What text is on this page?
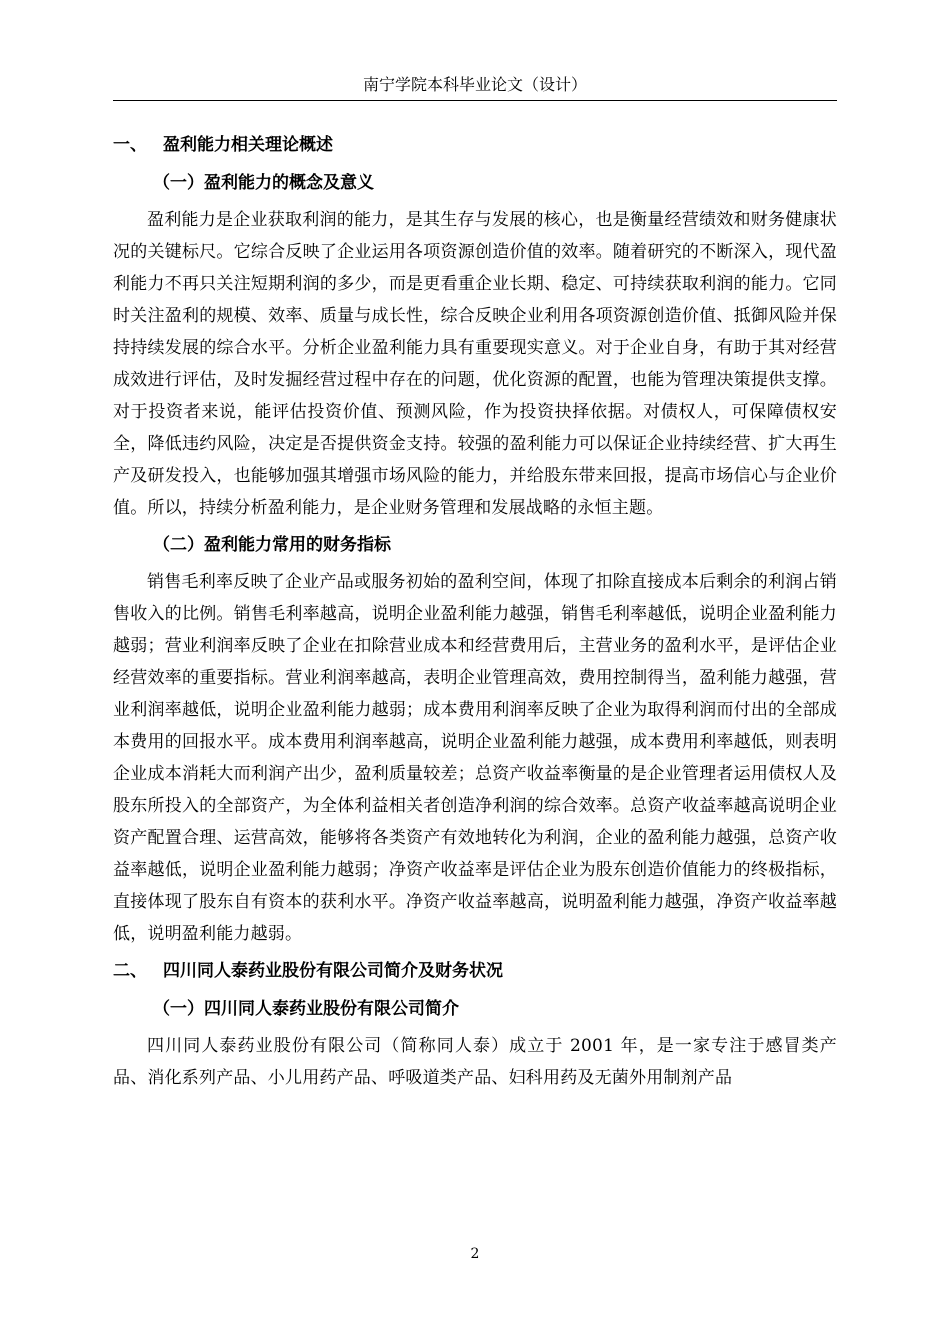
南宁学院本科毕业论文（设计）
一、 盈利能力相关理论概述
（一）盈利能力的概念及意义

盈利能力是企业获取利润的能力，是其生存与发展的核心，也是衡量经营绩效和财务健康状况的关键标尺。它综合反映了企业运用各项资源创造价值的效率。随着研究的不断深入，现代盈利能力不再只关注短期利润的多少，而是更看重企业长期、稳定、可持续获取利润的能力。它同时关注盈利的规模、效率、质量与成长性，综合反映企业利用各项资源创造价值、抵御风险并保持持续发展的综合水平。分析企业盈利能力具有重要现实意义。对于企业自身，有助于其对经营成效进行评估，及时发掘经营过程中存在的问题，优化资源的配置，也能为管理决策提供支撑。对于投资者来说，能评估投资价值、预测风险，作为投资抉择依据。对债权人，可保障债权安全，降低违约风险，决定是否提供资金支持。较强的盈利能力可以保证企业持续经营、扩大再生产及研发投入，也能够加强其增强市场风险的能力，并给股东带来回报，提高市场信心与企业价值。所以，持续分析盈利能力，是企业财务管理和发展战略的永恒主题。

（二）盈利能力常用的财务指标

销售毛利率反映了企业产品或服务初始的盈利空间，体现了扣除直接成本后剩余的利润占销售收入的比例。销售毛利率越高，说明企业盈利能力越强，销售毛利率越低，说明企业盈利能力越弱；营业利润率反映了企业在扣除营业成本和经营费用后，主营业务的盈利水平，是评估企业经营效率的重要指标。营业利润率越高，表明企业管理高效，费用控制得当，盈利能力越强，营业利润率越低，说明企业盈利能力越弱；成本费用利润率反映了企业为取得利润而付出的全部成本费用的回报水平。成本费用利润率越高，说明企业盈利能力越强，成本费用利率越低，则表明企业成本消耗大而利润产出少，盈利质量较差；总资产收益率衡量的是企业管理者运用债权人及股东所投入的全部资产，为全体利益相关者创造净利润的综合效率。总资产收益率越高说明企业资产配置合理、运营高效，能够将各类资产有效地转化为利润，企业的盈利能力越强，总资产收益率越低，说明企业盈利能力越弱；净资产收益率是评估企业为股东创造价值能力的终极指标，直接体现了股东自有资本的获利水平。净资产收益率越高，说明盈利能力越强，净资产收益率越低，说明盈利能力越弱。

二、 四川同人泰药业股份有限公司简介及财务状况
（一）四川同人泰药业股份有限公司简介

四川同人泰药业股份有限公司（简称同人泰）成立于 2001 年，是一家专注于感冒类产品、消化系列产品、小儿用药产品、呼吸道类产品、妇科用药及无菌外用制剂产品

2
